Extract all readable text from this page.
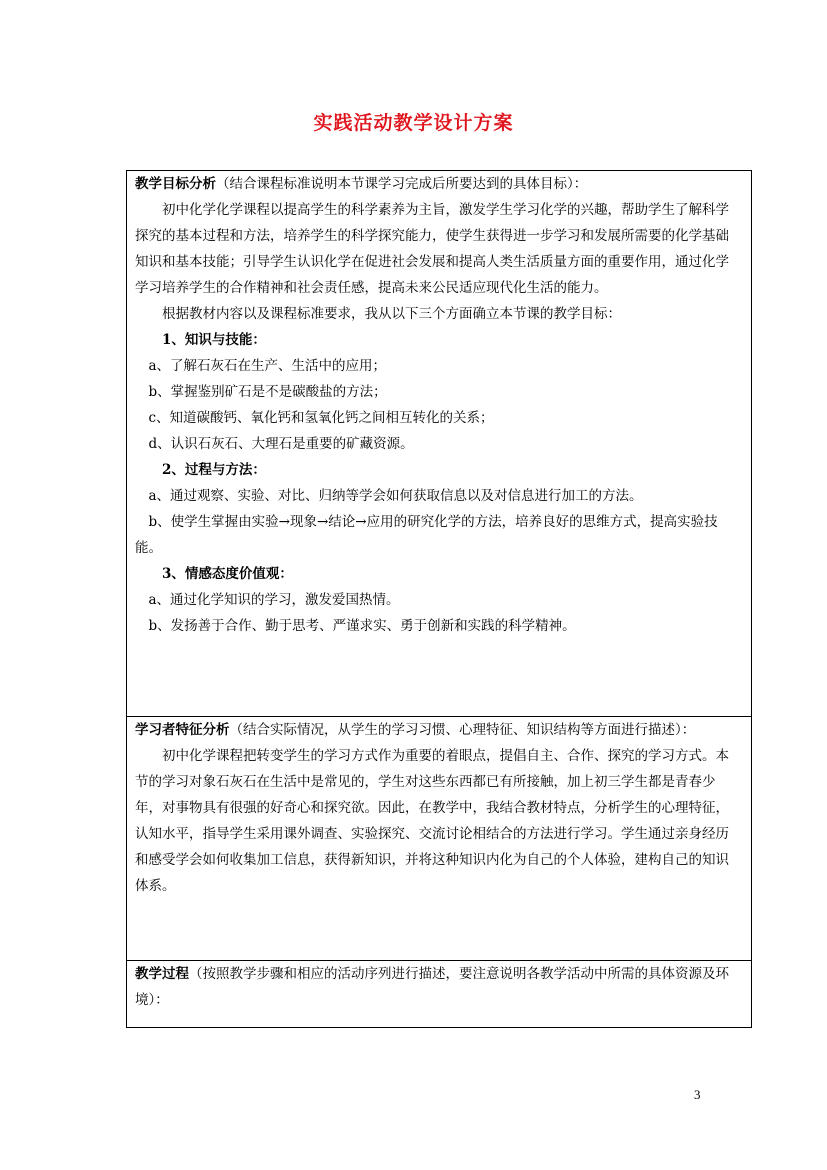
实践活动教学设计方案

教学目标分析（结合课程标准说明本节课学习完成后所要达到的具体目标）：

初中化学化学课程以提高学生的科学素养为主旨，激发学生学习化学的兴趣，帮助学生了解科学探究的基本过程和方法，培养学生的科学探究能力，使学生获得进一步学习和发展所需要的化学基础知识和基本技能；引导学生认识化学在促进社会发展和提高人类生活质量方面的重要作用，通过化学学习培养学生的合作精神和社会责任感，提高未来公民适应现代化生活的能力。

根据教材内容以及课程标准要求，我从以下三个方面确立本节课的教学目标：

1、知识与技能：

a、了解石灰石在生产、生活中的应用；

b、掌握鉴别矿石是不是碳酸盐的方法；

c、知道碳酸钙、氧化钙和氢氧化钙之间相互转化的关系；

d、认识石灰石、大理石是重要的矿藏资源。

2、过程与方法：

a、通过观察、实验、对比、归纳等学会如何获取信息以及对信息进行加工的方法。

b、使学生掌握由实验→现象→结论→应用的研究化学的方法，培养良好的思维方式，提高实验技能。

3、情感态度价值观：

a、通过化学知识的学习，激发爱国热情。

b、发扬善于合作、勤于思考、严谨求实、勇于创新和实践的科学精神。

学习者特征分析（结合实际情况，从学生的学习习惯、心理特征、知识结构等方面进行描述）：

初中化学课程把转变学生的学习方式作为重要的着眼点，提倡自主、合作、探究的学习方式。本节的学习对象石灰石在生活中是常见的，学生对这些东西都已有所接触，加上初三学生都是青春少年，对事物具有很强的好奇心和探究欲。因此，在教学中，我结合教材特点，分析学生的心理特征，认知水平，指导学生采用课外调查、实验探究、交流讨论相结合的方法进行学习。学生通过亲身经历和感受学会如何收集加工信息，获得新知识，并将这种知识内化为自己的个人体验，建构自己的知识体系。

教学过程（按照教学步骤和相应的活动序列进行描述，要注意说明各教学活动中所需的具体资源及环境）：

3
